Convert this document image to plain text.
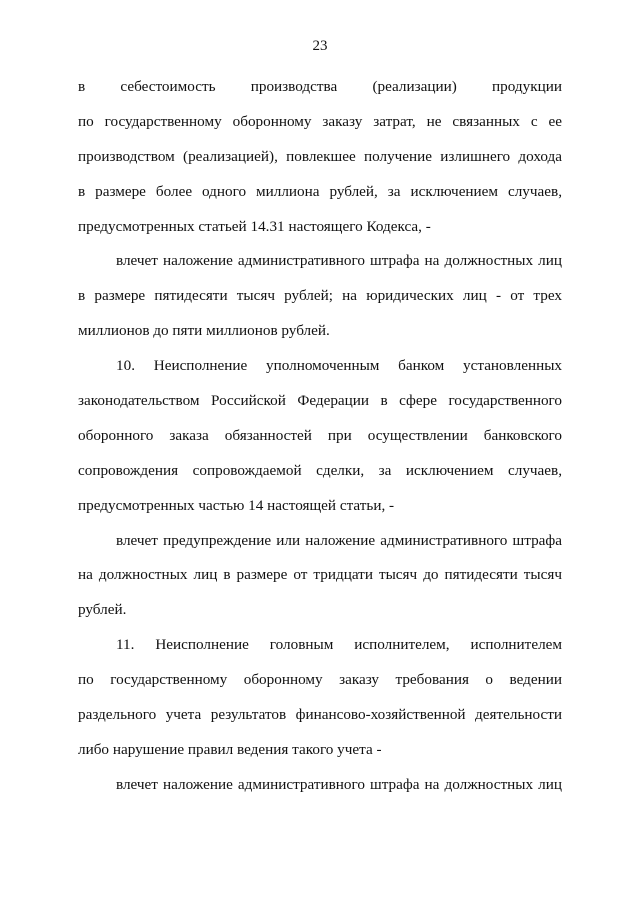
23
в себестоимость производства (реализации) продукции
по государственному оборонному заказу затрат, не связанных с ее
производством (реализацией), повлекшее получение излишнего дохода
в размере более одного миллиона рублей, за исключением случаев,
предусмотренных статьей 14.31 настоящего Кодекса, -
влечет наложение административного штрафа на должностных лиц
в размере пятидесяти тысяч рублей; на юридических лиц - от трех
миллионов до пяти миллионов рублей.
10. Неисполнение уполномоченным банком установленных
законодательством Российской Федерации в сфере государственного
оборонного заказа обязанностей при осуществлении банковского
сопровождения сопровождаемой сделки, за исключением случаев,
предусмотренных частью 14 настоящей статьи, -
влечет предупреждение или наложение административного штрафа
на должностных лиц в размере от тридцати тысяч до пятидесяти тысяч
рублей.
11. Неисполнение головным исполнителем, исполнителем
по государственному оборонному заказу требования о ведении
раздельного учета результатов финансово-хозяйственной деятельности
либо нарушение правил ведения такого учета -
влечет наложение административного штрафа на должностных лиц
